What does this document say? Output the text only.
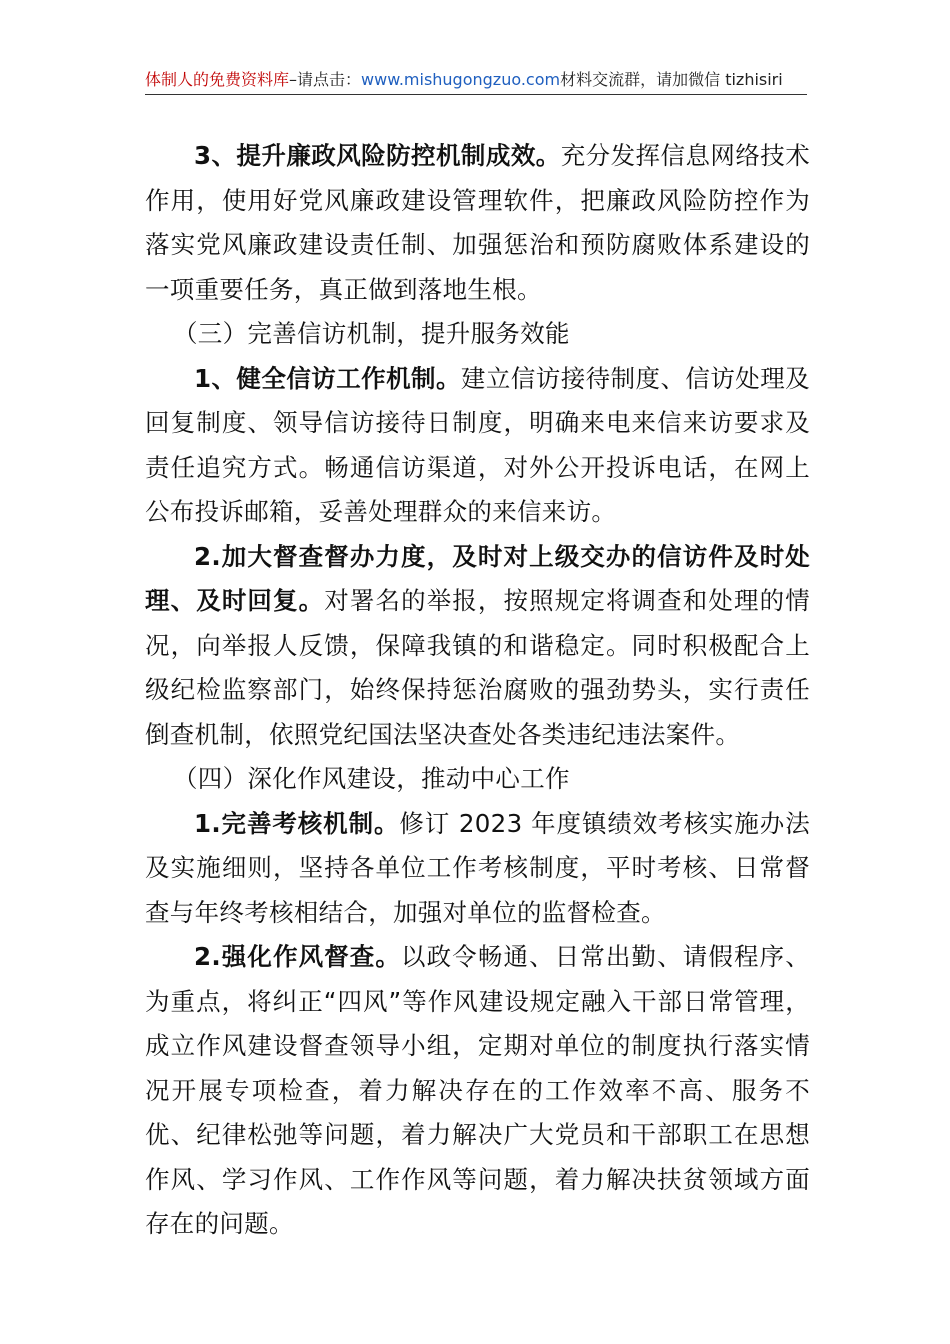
体制人的免费资料库–请点击：www.mishugongzuo.com材料交流群，请加微信 tizhisiri

3、提升廉政风险防控机制成效。充分发挥信息网络技术作用，使用好党风廉政建设管理软件，把廉政风险防控作为落实党风廉政建设责任制、加强惩治和预防腐败体系建设的一项重要任务，真正做到落地生根。

（三）完善信访机制，提升服务效能

1、健全信访工作机制。建立信访接待制度、信访处理及回复制度、领导信访接待日制度，明确来电来信来访要求及责任追究方式。畅通信访渠道，对外公开投诉电话，在网上公布投诉邮箱，妥善处理群众的来信来访。

2.加大督查督办力度，及时对上级交办的信访件及时处理、及时回复。对署名的举报，按照规定将调查和处理的情况，向举报人反馈，保障我镇的和谐稳定。同时积极配合上级纪检监察部门，始终保持惩治腐败的强劲势头，实行责任倒查机制，依照党纪国法坚决查处各类违纪违法案件。

（四）深化作风建设，推动中心工作

1.完善考核机制。修订 2023 年度镇绩效考核实施办法及实施细则，坚持各单位工作考核制度，平时考核、日常督查与年终考核相结合，加强对单位的监督检查。

2.强化作风督查。以政令畅通、日常出勤、请假程序、为重点，将纠正“四风”等作风建设规定融入干部日常管理，成立作风建设督查领导小组，定期对单位的制度执行落实情况开展专项检查，着力解决存在的工作效率不高、服务不优、纪律松弛等问题，着力解决广大党员和干部职工在思想作风、学习作风、工作作风等问题，着力解决扶贫领域方面存在的问题。
